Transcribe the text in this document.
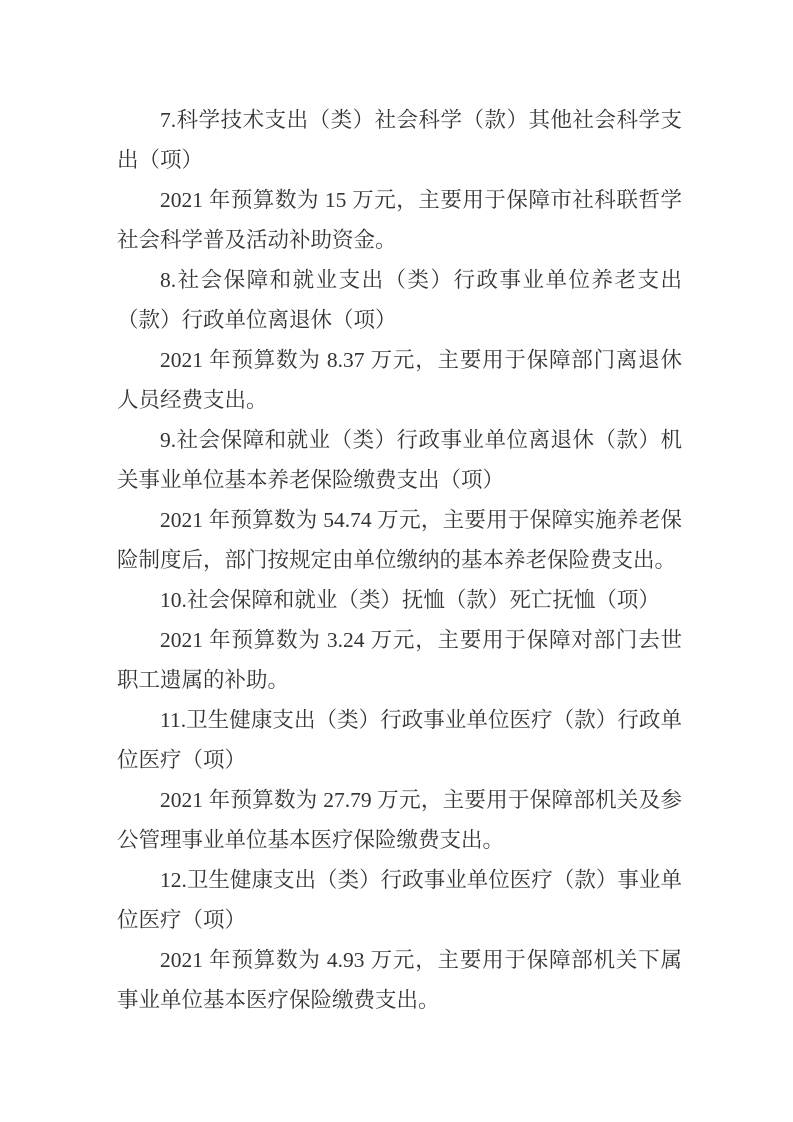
7.科学技术支出（类）社会科学（款）其他社会科学支出（项）

2021 年预算数为 15 万元，主要用于保障市社科联哲学社会科学普及活动补助资金。

8.社会保障和就业支出（类）行政事业单位养老支出（款）行政单位离退休（项）

2021 年预算数为 8.37 万元，主要用于保障部门离退休人员经费支出。

9.社会保障和就业（类）行政事业单位离退休（款）机关事业单位基本养老保险缴费支出（项）

2021 年预算数为 54.74 万元，主要用于保障实施养老保险制度后，部门按规定由单位缴纳的基本养老保险费支出。

10.社会保障和就业（类）抚恤（款）死亡抚恤（项）

2021 年预算数为 3.24 万元，主要用于保障对部门去世职工遗属的补助。

11.卫生健康支出（类）行政事业单位医疗（款）行政单位医疗（项）

2021 年预算数为 27.79 万元，主要用于保障部机关及参公管理事业单位基本医疗保险缴费支出。

12.卫生健康支出（类）行政事业单位医疗（款）事业单位医疗（项）

2021 年预算数为 4.93 万元，主要用于保障部机关下属事业单位基本医疗保险缴费支出。
